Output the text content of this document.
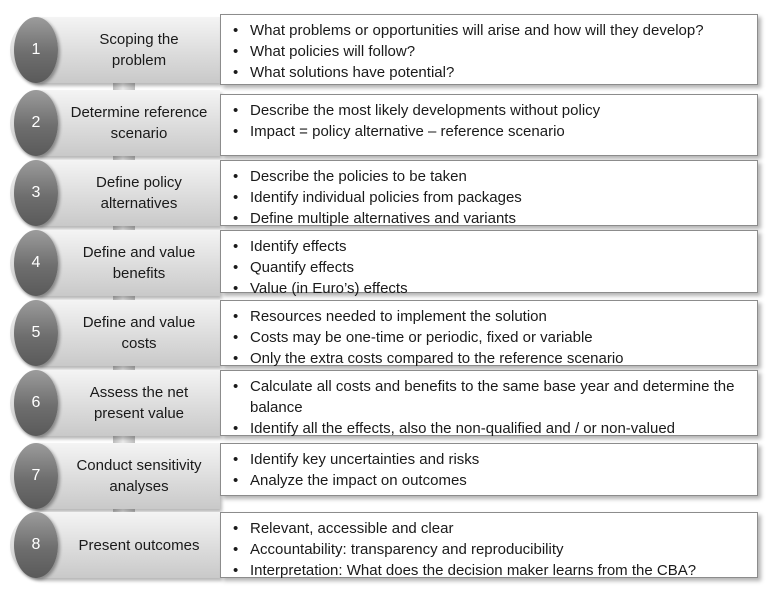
1
Scoping the
problem
• What problems or opportunities will arise and how will they develop?
• What policies will follow?
• What solutions have potential?
2
Determine reference
scenario
• Describe the most likely developments without policy
• Impact = policy alternative – reference scenario
3
Define policy
alternatives
• Describe the policies to be taken
• Identify individual policies from packages
• Define multiple alternatives and variants
4
Define and value
benefits
• Identify effects
• Quantify effects
• Value (in Euro’s) effects
5
Define and value
costs
• Resources needed to implement the solution
• Costs may be one-time or periodic, fixed or variable
• Only the extra costs compared to the reference scenario
6
Assess the net
present value
• Calculate all costs and benefits to the same base year and determine the balance
• Identify all the effects, also the non-qualified and / or non-valued
7
Conduct sensitivity
analyses
• Identify key uncertainties and risks
• Analyze the impact on outcomes
8	Present outcomes
• Relevant, accessible and clear
• Accountability: transparency and reproducibility
• Interpretation: What does the decision maker learns from the CBA?
